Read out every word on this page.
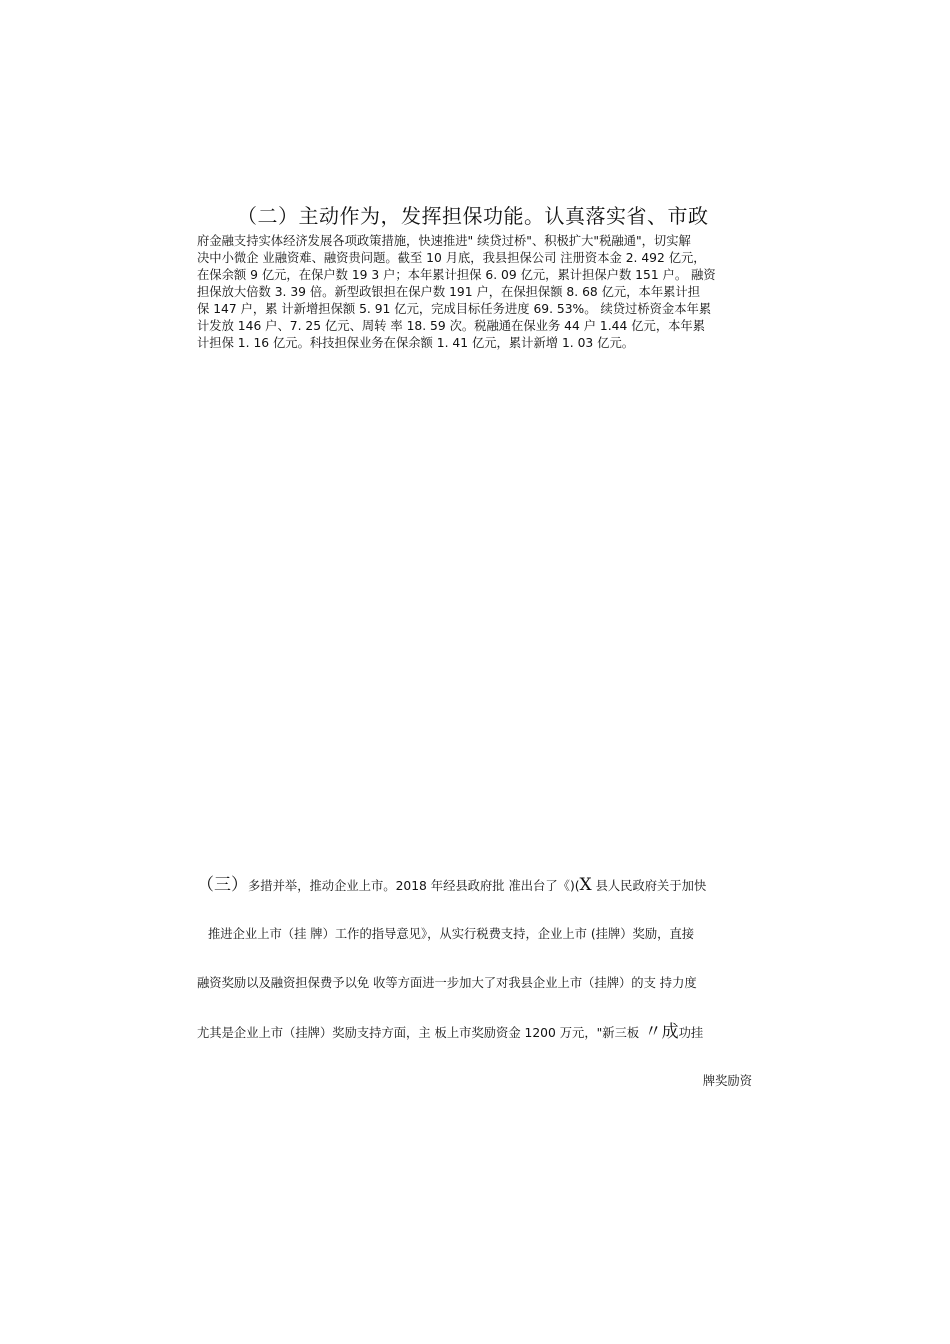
（二）主动作为，发挥担保功能。认真落实省、市政

府金融支持实体经济发展各项政策措施，快速推进" 续贷过桥"、积极扩大"税融通"，切实解

决中小微企 业融资难、融资贵问题。截至 10 月底，我县担保公司 注册资本金 2. 492 亿元，

在保余额 9 亿元，在保户数 19 3 户；本年累计担保 6. 09 亿元，累计担保户数 151 户。 融资

担保放大倍数 3. 39 倍。新型政银担在保户数 191 户，在保担保额 8. 68 亿元，本年累计担

保 147 户，累 计新增担保额 5. 91 亿元，完成目标任务进度 69. 53%。 续贷过桥资金本年累

计发放 146 户、7. 25 亿元、周转 率 18. 59 次。税融通在保业务 44 户 1.44 亿元，本年累

计担保 1. 16 亿元。科技担保业务在保余额 1. 41 亿元，累计新增 1. 03 亿元。

（三）多措并举，推动企业上市。2018 年经县政府批 准出台了《)(X 县人民政府关于加快

推进企业上市（挂 牌）工作的指导意见》，从实行税费支持，企业上市 (挂牌）奖励，直接

融资奖励以及融资担保费予以免 收等方面进一步加大了对我县企业上市（挂牌）的支 持力度

尤其是企业上市（挂牌）奖励支持方面，主 板上市奖励资金 1200 万元，"新三板 〃成功挂

牌奖励资
